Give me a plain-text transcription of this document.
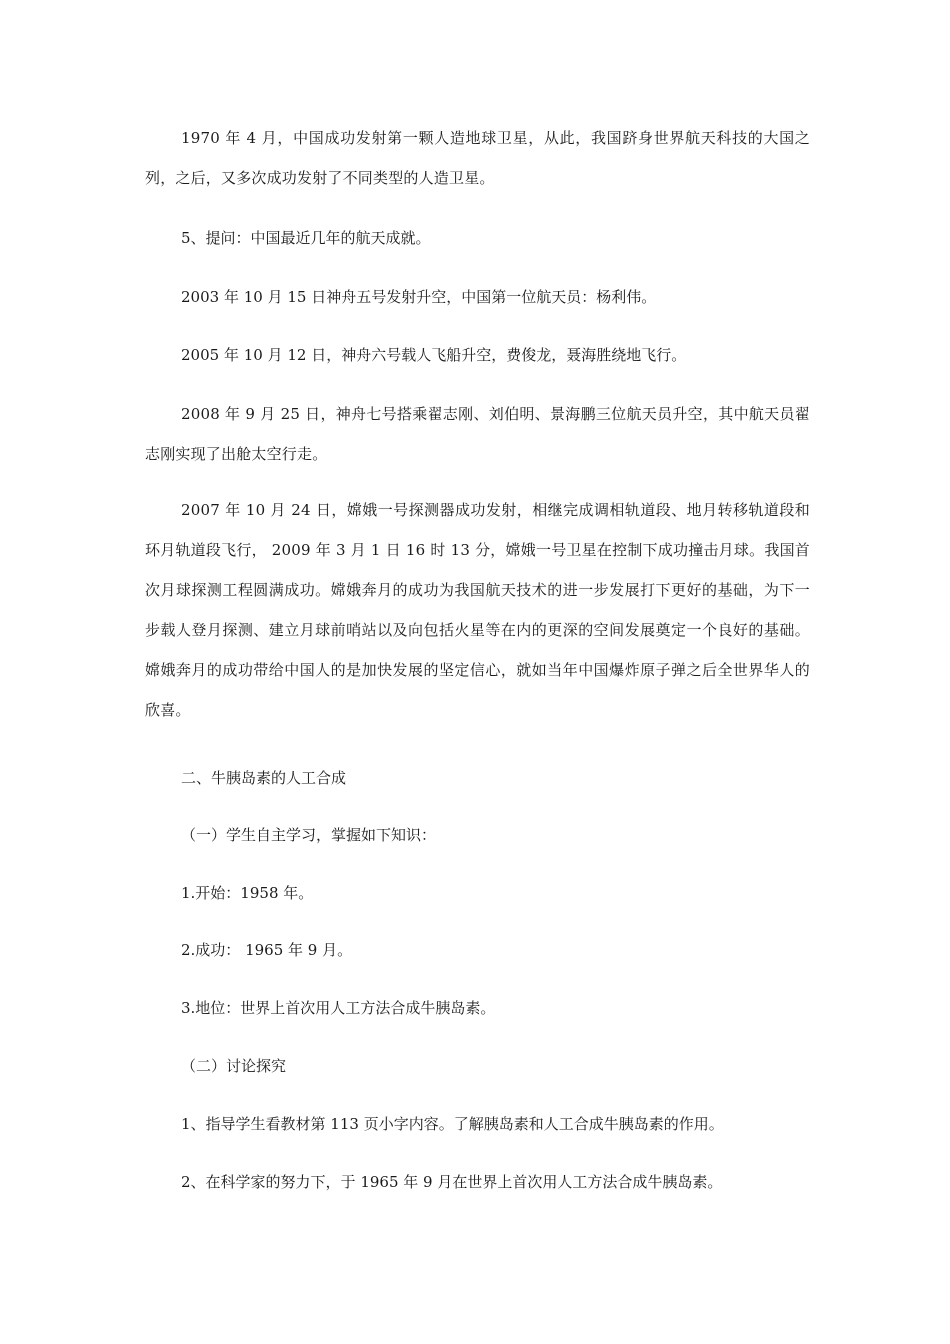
1970 年 4 月，中国成功发射第一颗人造地球卫星，从此，我国跻身世界航天科技的大国之列，之后，又多次成功发射了不同类型的人造卫星。

5、提问：中国最近几年的航天成就。

2003 年 10 月 15 日神舟五号发射升空，中国第一位航天员：杨利伟。

2005 年 10 月 12 日，神舟六号载人飞船升空，费俊龙，聂海胜绕地飞行。

2008 年 9 月 25 日，神舟七号搭乘翟志刚、刘伯明、景海鹏三位航天员升空，其中航天员翟志刚实现了出舱太空行走。

2007 年 10 月 24 日，嫦娥一号探测器成功发射，相继完成调相轨道段、地月转移轨道段和环月轨道段飞行， 2009 年 3 月 1 日 16 时 13 分，嫦娥一号卫星在控制下成功撞击月球。我国首次月球探测工程圆满成功。嫦娥奔月的成功为我国航天技术的进一步发展打下更好的基础，为下一步载人登月探测、建立月球前哨站以及向包括火星等在内的更深的空间发展奠定一个良好的基础。嫦娥奔月的成功带给中国人的是加快发展的坚定信心，就如当年中国爆炸原子弹之后全世界华人的欣喜。

二、牛胰岛素的人工合成

（一）学生自主学习，掌握如下知识：

1.开始：1958 年。

2.成功： 1965 年 9 月。

3.地位：世界上首次用人工方法合成牛胰岛素。

（二）讨论探究

1、指导学生看教材第 113 页小字内容。了解胰岛素和人工合成牛胰岛素的作用。

2、在科学家的努力下，于 1965 年 9 月在世界上首次用人工方法合成牛胰岛素。
